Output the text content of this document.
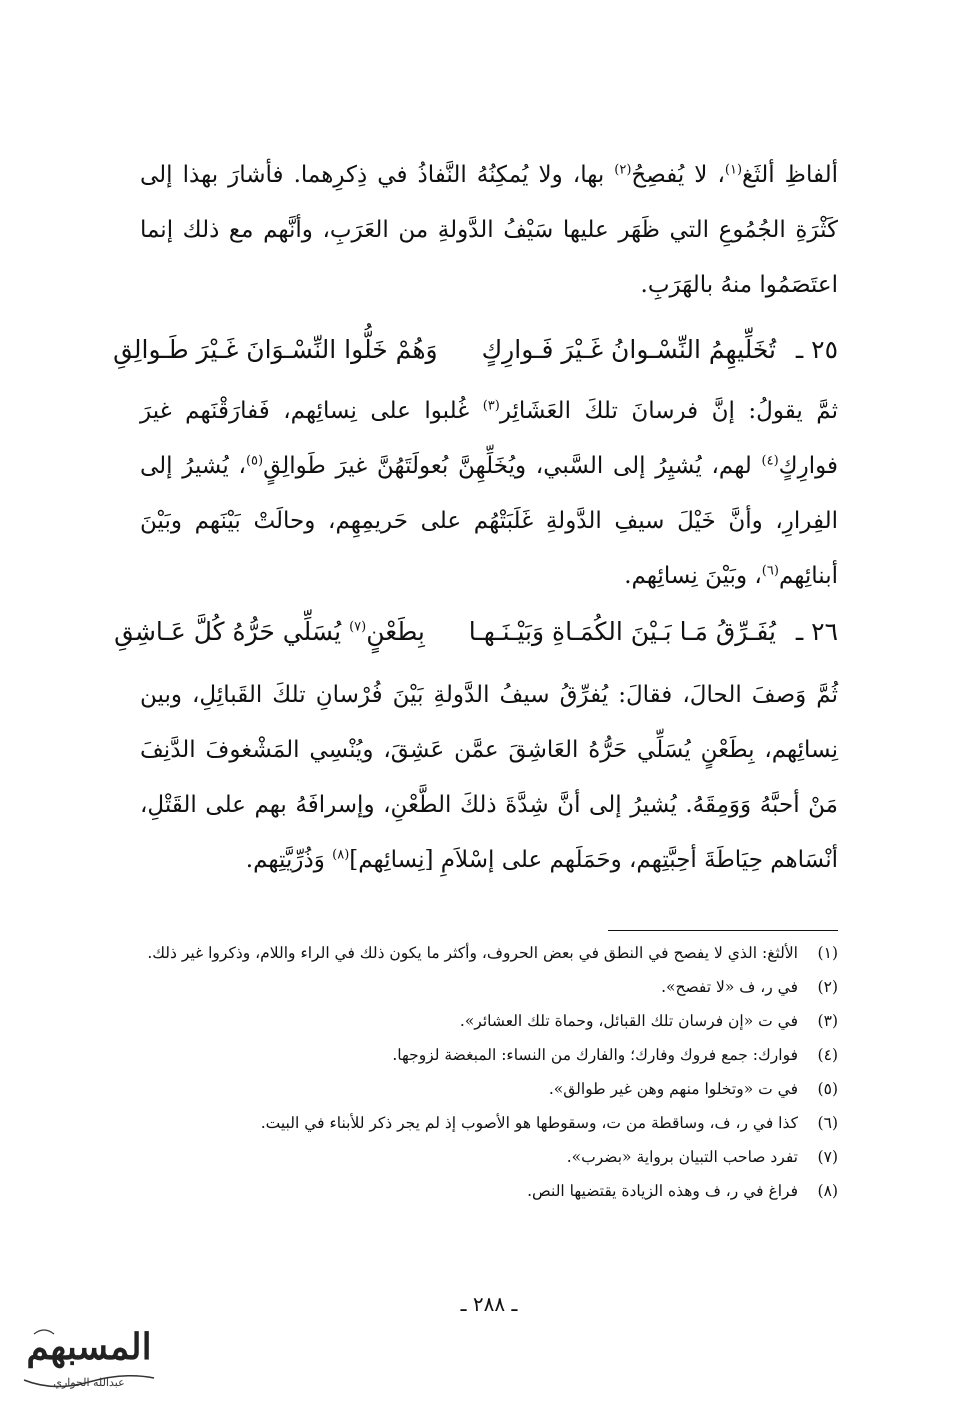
ألفاظِ ألثَغ$^{(١)}$، لا يُفصِحُ$^{(٢)}$ بها، ولا يُمكِنُهُ النَّفاذُ في ذِكرِهما. فأشارَ بهذا إلى كَثْرَةِ الجُمُوعِ التي ظَهَر عليها سَيْفُ الدَّولةِ من العَرَبِ، وأنَّهم مع ذلك إنما اعتَصَمُوا منهُ بالهَرَبِ.

٢٥ ـ
تُخَلِّيهِمُ النِّسْـوانُ غَـيْرَ فَـوارِكٍ
وَهُمْ خَلُّوا النِّسْـوَانَ غَـيْرَ طَـوالِقِ

ثمَّ يقولُ: إنَّ فرسانَ تلكَ العَشَائِر$^{(٣)}$ غُلبوا على نِسائِهم، فَفارَقْنَهم غيرَ فوارِكٍ$^{(٤)}$ لهم، يُشيِرُ إلى السَّبي، ويُخَلِّهِنَّ بُعولَتَهُنَّ غيرَ طَوالِقٍ$^{(٥)}$، يُشيرُ إلى الفِرارِ، وأنَّ خَيْلَ سيفِ الدَّولةِ غَلَبَتْهُم على حَريمِهِم، وحالَتْ بَيْنَهم وبَيْنَ أبنائِهم$^{(٦)}$، وبَيْنَ نِسائِهم.

٢٦ ـ
يُفَـرِّقُ مَـا بَـيْنَ الكُمَـاةِ وَبَيْـنَـهـا
بِطَعْنٍ$^{(٧)}$ يُسَلِّي حَرُّهُ كُلَّ عَـاشِقِ

ثُمَّ وَصفَ الحالَ، فقالَ: يُفرِّقُ سيفُ الدَّولةِ بَيْنَ فُرْسانِ تلكَ القَبائِلِ، وبين نِسائِهم، بِطَعْنٍ يُسَلِّي حَرُّهُ العَاشِقَ عمَّن عَشِقَ، ويُنْسِي المَشْغوفَ الدَّنِفَ مَنْ أحبَّهُ وَوَمِقَهُ. يُشيرُ إلى أنَّ شِدَّةَ ذلكَ الطَّعْنِ، وإسرافَهُ بهم على القَتْلِ، أنْسَاهم حِيَاطَةَ أحِبَّتِهم، وحَمَلَهم على إسْلاَمِ [نِسائِهم]$^{(٨)}$ وَذُرِّيَّتِهم.

(١)
الألثغ: الذي لا يفصح في النطق في بعض الحروف، وأكثر ما يكون ذلك في الراء واللام، وذكروا غير ذلك.
(٢)
في ر، ف «لا تفصح».
(٣)
في ت «إن فرسان تلك القبائل، وحماة تلك العشائر».
(٤)
فوارك: جمع فروك وفارك؛ والفارك من النساء: المبغضة لزوجها.
(٥)
في ت «وتخلوا منهم وهن غير طوالق».
(٦)
كذا في ر، ف، وساقطة من ت، وسقوطها هو الأصوب إذ لم يجر ذكر للأبناء في البيت.
(٧)
تفرد صاحب التبيان برواية «بضرب».
(٨)
فراغ في ر، ف وهذه الزيادة يقتضيها النص.
ـ ٢٨٨ ـ
المسبهم
عبدالله الحواري
